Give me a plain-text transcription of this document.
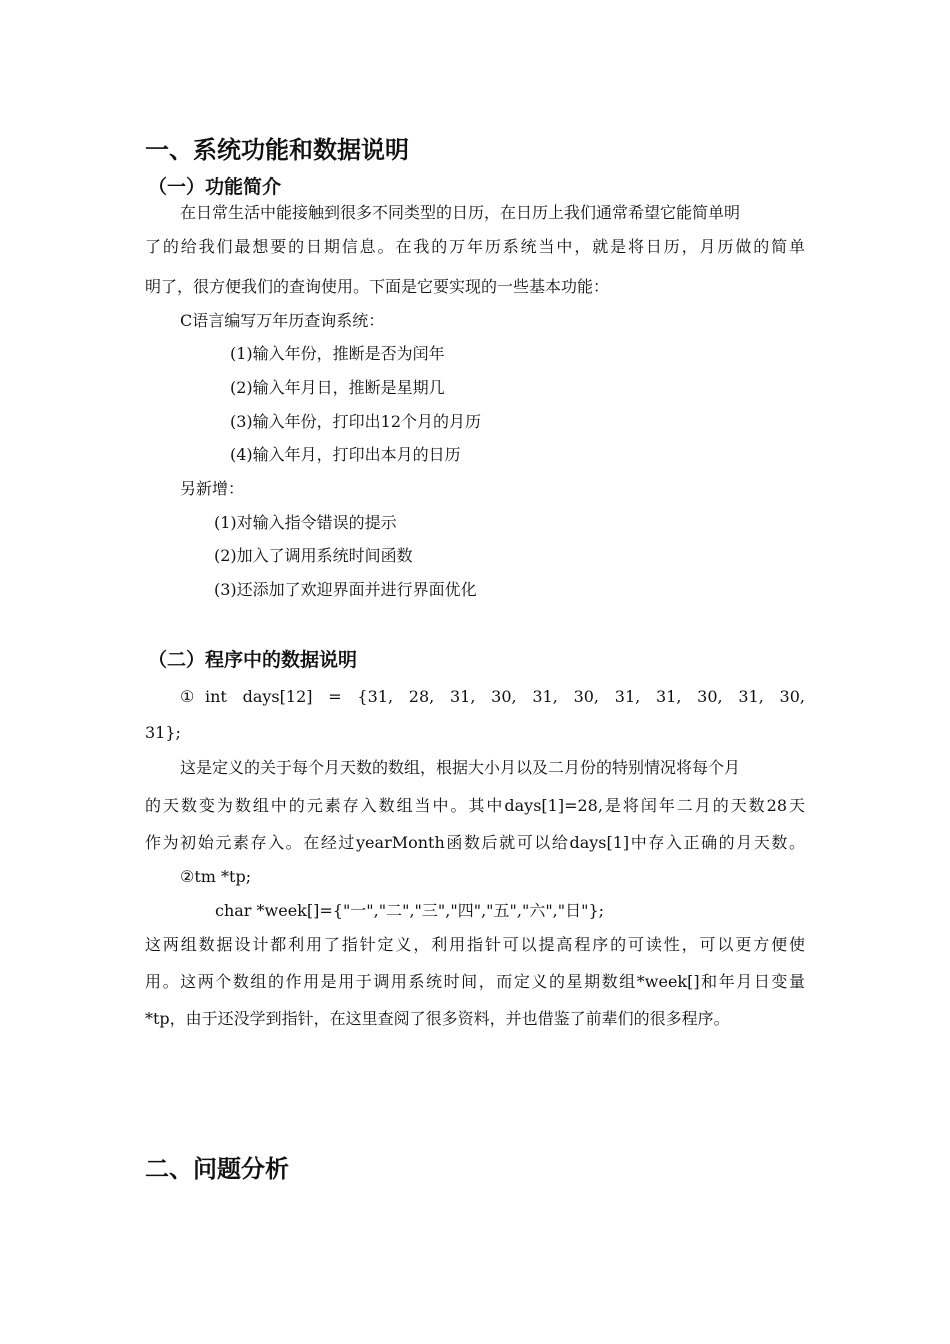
一、系统功能和数据说明
（一）功能简介
在日常生活中能接触到很多不同类型的日历，在日历上我们通常希望它能简单明
了的给我们最想要的日期信息。在我的万年历系统当中，就是将日历，月历做的简单
明了，很方便我们的查询使用。下面是它要实现的一些基本功能：
C语言编写万年历查询系统：
(1)输入年份，推断是否为闰年
(2)输入年月日，推断是星期几
(3)输入年份，打印出12个月的月历
(4)输入年月，打印出本月的日历
另新增：
(1)对输入指令错误的提示
(2)加入了调用系统时间函数
(3)还添加了欢迎界面并进行界面优化
（二）程序中的数据说明
①int days[12] = {31, 28, 31, 30, 31, 30, 31, 31, 30, 31, 30,
31};
这是定义的关于每个月天数的数组，根据大小月以及二月份的特别情况将每个月
的天数变为数组中的元素存入数组当中。其中days[1]=28,是将闰年二月的天数28天
作为初始元素存入。在经过yearMonth函数后就可以给days[1]中存入正确的月天数。
②tm *tp;
char *week[]={"一","二","三","四","五","六","日"};
这两组数据设计都利用了指针定义，利用指针可以提高程序的可读性，可以更方便使
用。这两个数组的作用是用于调用系统时间，而定义的星期数组*week[]和年月日变量
*tp，由于还没学到指针，在这里查阅了很多资料，并也借鉴了前辈们的很多程序。
二、问题分析
